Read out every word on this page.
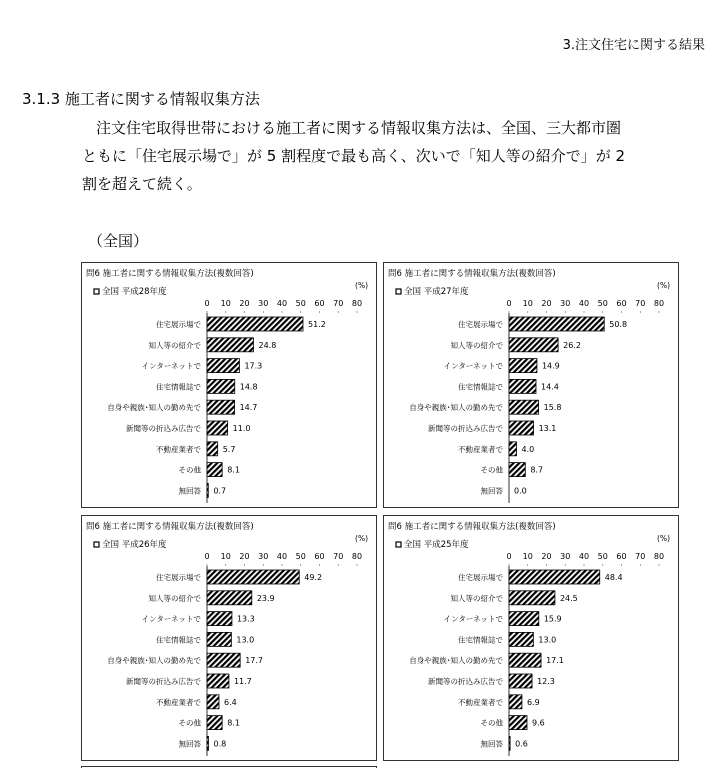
3.注文住宅に関する結果
3.1.3 施工者に関する情報収集方法
注文住宅取得世帯における施工者に関する情報収集方法は、全国、三大都市圏
ともに「住宅展示場で」が 5 割程度で最も高く、次いで「知人等の紹介で」が 2
割を超えて続く。
（全国）
問6 施工者に関する情報収集方法(複数回答)
全国 平成28年度
(%)
0 10 20 30 40 50 60 70 80
住宅展示場で	51.2
知人等の紹介で	24.8
インターネットで	17.3
住宅情報誌で	14.8
自身や親族･知人の勤め先で	14.7
新聞等の折込み広告で	11.0
不動産業者で	5.7
その他	8.1
無回答 0.7
問6 施工者に関する情報収集方法(複数回答)
全国 平成27年度
(%)
0 10 20 30 40 50 60 70 80
住宅展示場で	50.8
知人等の紹介で	26.2
インターネットで	14.9
住宅情報誌で	14.4
自身や親族･知人の勤め先で	15.8
新聞等の折込み広告で	13.1
不動産業者で 4.0
その他	8.7
無回答 0.0
問6 施工者に関する情報収集方法(複数回答)
全国 平成26年度
(%)
0 10 20 30 40 50 60 70 80
住宅展示場で	49.2
知人等の紹介で	23.9
インターネットで	13.3
住宅情報誌で	13.0
自身や親族･知人の勤め先で	17.7
新聞等の折込み広告で	11.7
不動産業者で	6.4
その他	8.1
無回答 0.8
問6 施工者に関する情報収集方法(複数回答)
全国 平成25年度
(%)
0 10 20 30 40 50 60 70 80
住宅展示場で	48.4
知人等の紹介で	24.5
インターネットで	15.9
住宅情報誌で	13.0
自身や親族･知人の勤め先で	17.1
新聞等の折込み広告で	12.3
不動産業者で	6.9
その他	9.6
無回答 0.6
